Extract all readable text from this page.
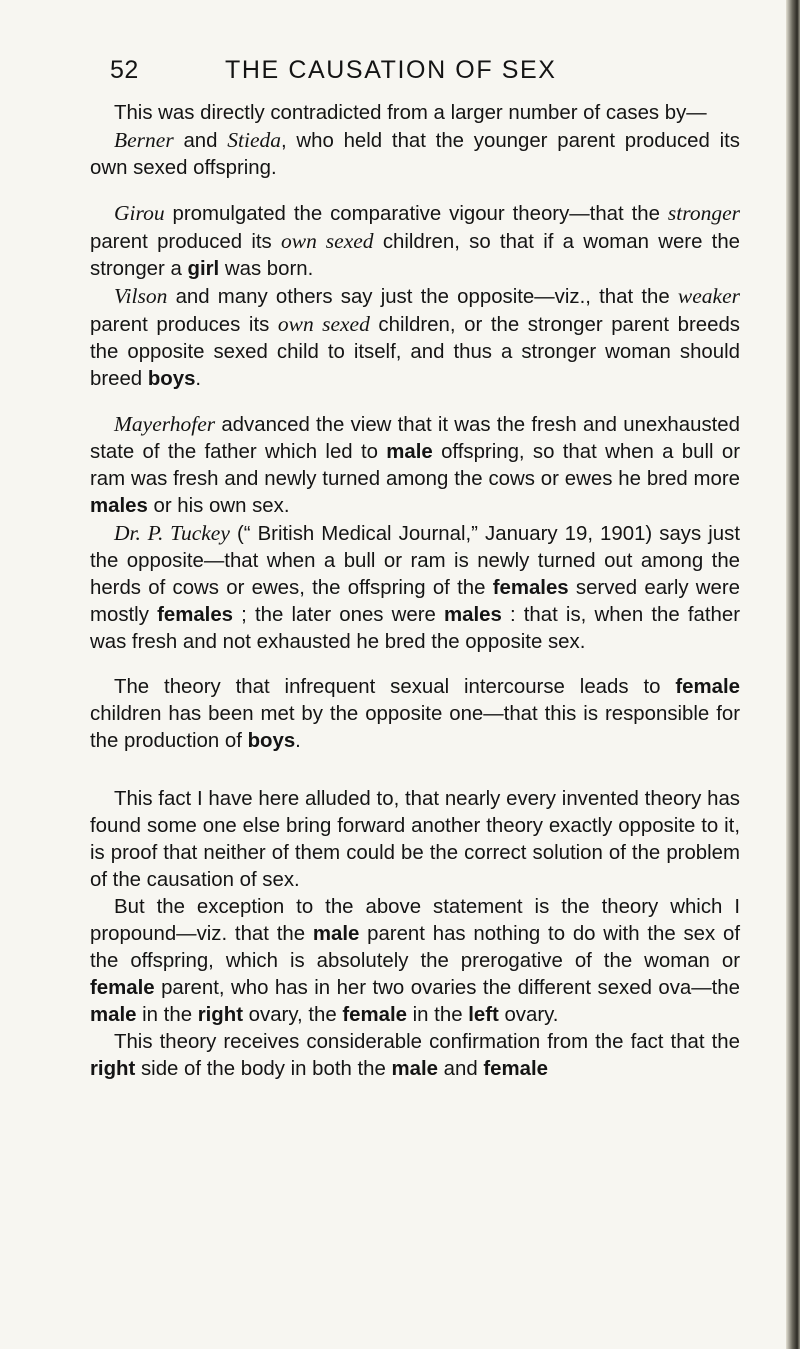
52	THE CAUSATION OF SEX

This was directly contradicted from a larger number of cases by—

Berner and Stieda, who held that the younger parent produced its own sexed offspring.

Girou promulgated the comparative vigour theory—that the stronger parent produced its own sexed children, so that if a woman were the stronger a girl was born.

Vilson and many others say just the opposite—viz., that the weaker parent produces its own sexed children, or the stronger parent breeds the opposite sexed child to itself, and thus a stronger woman should breed boys.

Mayerhofer advanced the view that it was the fresh and unexhausted state of the father which led to male offspring, so that when a bull or ram was fresh and newly turned among the cows or ewes he bred more males or his own sex.

Dr. P. Tuckey (“ British Medical Journal,” January 19, 1901) says just the opposite—that when a bull or ram is newly turned out among the herds of cows or ewes, the offspring of the females served early were mostly females ; the later ones were males : that is, when the father was fresh and not exhausted he bred the opposite sex.

The theory that infrequent sexual intercourse leads to female children has been met by the opposite one—that this is responsible for the production of boys.

This fact I have here alluded to, that nearly every invented theory has found some one else bring forward another theory exactly opposite to it, is proof that neither of them could be the correct solution of the problem of the causation of sex.

But the exception to the above statement is the theory which I propound—viz. that the male parent has nothing to do with the sex of the offspring, which is absolutely the prerogative of the woman or female parent, who has in her two ovaries the different sexed ova—the male in the right ovary, the female in the left ovary.

This theory receives considerable confirmation from the fact that the right side of the body in both the male and female
